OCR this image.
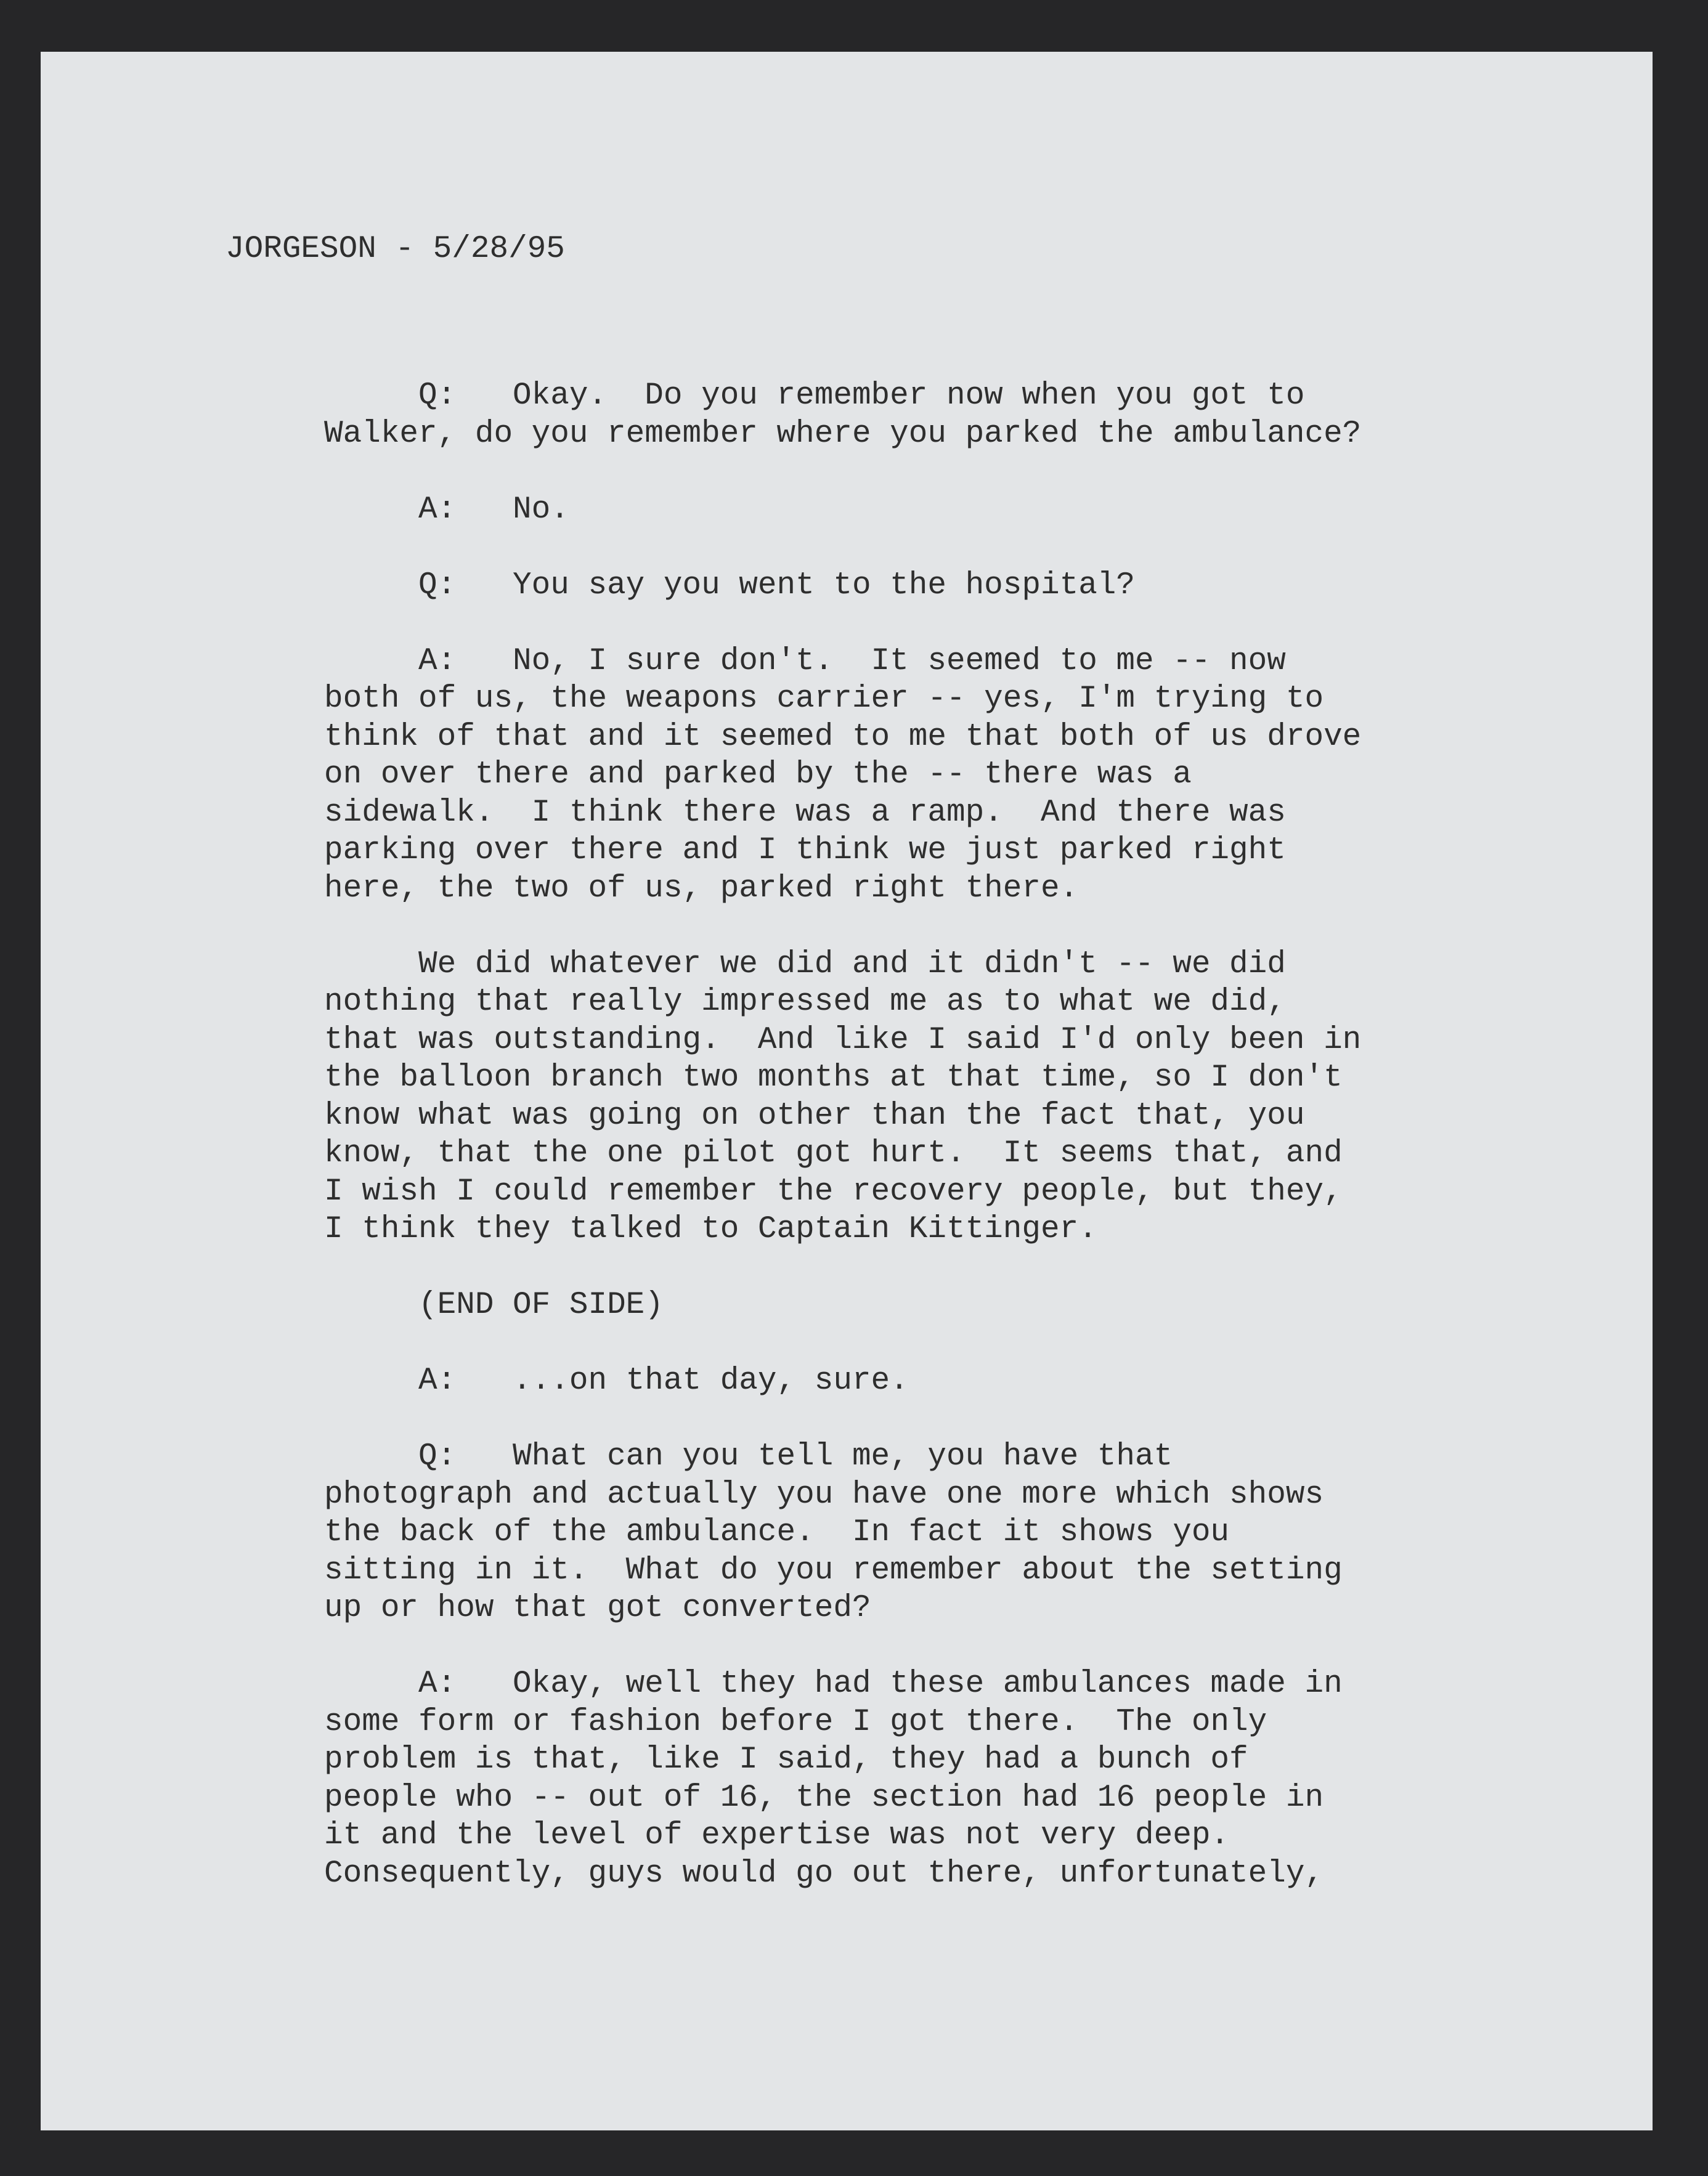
JORGESON - 5/28/95
Q:   Okay.  Do you remember now when you got to
Walker, do you remember where you parked the ambulance?
A:   No.
Q:   You say you went to the hospital?
A:   No, I sure don't.  It seemed to me -- now
both of us, the weapons carrier -- yes, I'm trying to
think of that and it seemed to me that both of us drove
on over there and parked by the -- there was a
sidewalk.  I think there was a ramp.  And there was
parking over there and I think we just parked right
here, the two of us, parked right there.
We did whatever we did and it didn't -- we did
nothing that really impressed me as to what we did,
that was outstanding.  And like I said I'd only been in
the balloon branch two months at that time, so I don't
know what was going on other than the fact that, you
know, that the one pilot got hurt.  It seems that, and
I wish I could remember the recovery people, but they,
I think they talked to Captain Kittinger.
(END OF SIDE)
A:   ...on that day, sure.
Q:   What can you tell me, you have that
photograph and actually you have one more which shows
the back of the ambulance.  In fact it shows you
sitting in it.  What do you remember about the setting
up or how that got converted?
A:   Okay, well they had these ambulances made in
some form or fashion before I got there.  The only
problem is that, like I said, they had a bunch of
people who -- out of 16, the section had 16 people in
it and the level of expertise was not very deep.
Consequently, guys would go out there, unfortunately,
